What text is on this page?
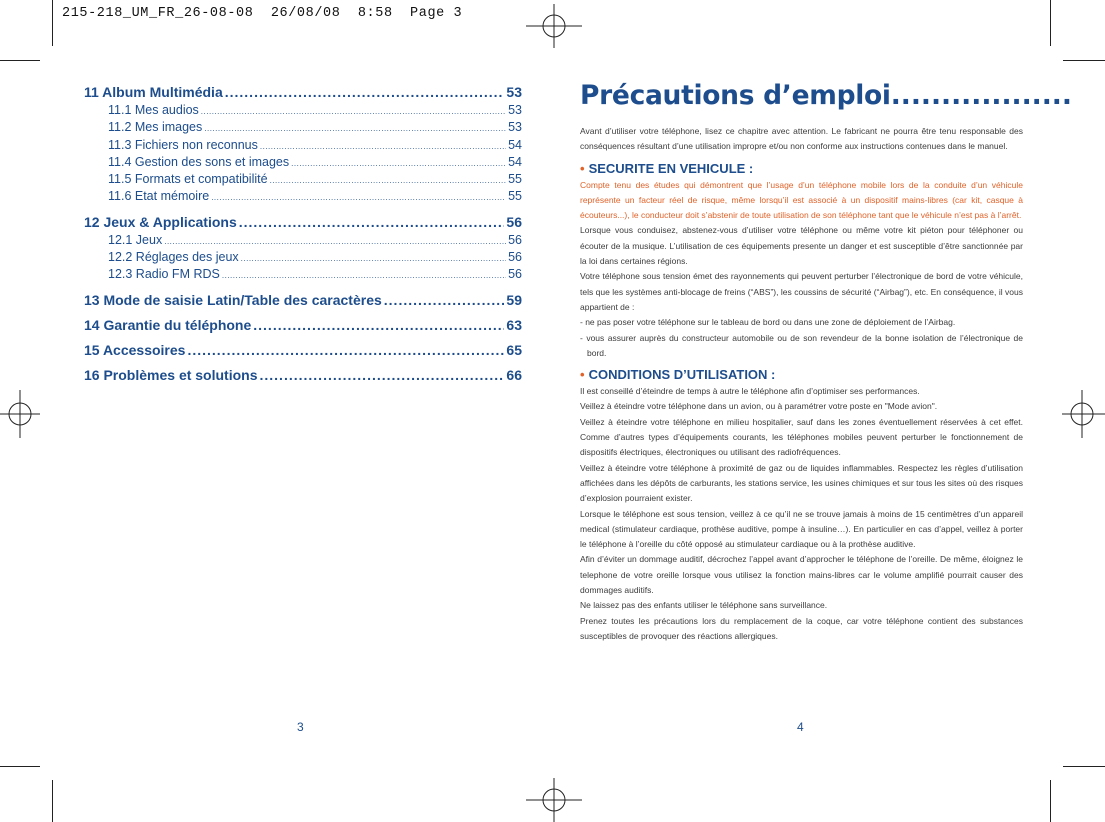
215-218_UM_FR_26-08-08  26/08/08  8:58  Page 3
11 Album Multimédia .....	53
11.1 Mes audios .....	53
11.2 Mes images .....	53
11.3 Fichiers non reconnus .....	54
11.4 Gestion des sons et images .....	54
11.5 Formats et compatibilité .....	55
11.6 Etat mémoire .....	55
12 Jeux & Applications .....	56
12.1 Jeux .....	56
12.2 Réglages des jeux .....	56
12.3 Radio FM RDS .....	56
13 Mode de saisie Latin/Table des caractères .....	59
14 Garantie du téléphone .....	63
15 Accessoires .....	65
16 Problèmes et solutions .....	66
Précautions d’emploi..................

Avant d’utiliser votre téléphone, lisez ce chapitre avec attention. Le fabricant ne pourra être tenu responsable des conséquences résultant d’une utilisation impropre et/ou non conforme aux instructions contenues dans le manuel.

• SECURITE EN VEHICULE :

Compte tenu des études qui démontrent que l’usage d’un téléphone mobile lors de la conduite d’un véhicule représente un facteur réel de risque, même lorsqu’il est associé à un dispositif mains-libres (car kit, casque à écouteurs...), le conducteur doit s’abstenir de toute utilisation de son téléphone tant que le véhicule n’est pas à l’arrêt.

Lorsque vous conduisez, abstenez-vous d’utiliser votre téléphone ou même votre kit piéton pour téléphoner ou écouter de la musique. L’utilisation de ces équipements presente un danger et est susceptible d’être sanctionnée par la loi dans certaines régions.

Votre téléphone sous tension émet des rayonnements qui peuvent perturber l’électronique de bord de votre véhicule, tels que les systèmes anti-blocage de freins (“ABS”), les coussins de sécurité (“Airbag”), etc. En conséquence, il vous appartient de :

- ne pas poser votre téléphone sur le tableau de bord ou dans une zone de déploiement de l’Airbag.

- vous assurer auprès du constructeur automobile ou de son revendeur de la bonne isolation de l’électronique de bord.

• CONDITIONS D’UTILISATION :

Il est conseillé d’éteindre de temps à autre le téléphone afin d’optimiser ses performances.

Veillez à éteindre votre téléphone dans un avion, ou à paramétrer votre poste en "Mode avion".

Veillez à éteindre votre téléphone en milieu hospitalier, sauf dans les zones éventuellement réservées à cet effet. Comme d’autres types d’équipements courants, les téléphones mobiles peuvent perturber le fonctionnement de dispositifs électriques, électroniques ou utilisant des radiofréquences.

Veillez à éteindre votre téléphone à proximité de gaz ou de liquides inflammables. Respectez les règles d’utilisation affichées dans les dépôts de carburants, les stations service, les usines chimiques et sur tous les sites où des risques d’explosion pourraient exister.

Lorsque le téléphone est sous tension, veillez à ce qu’il ne se trouve jamais à moins de 15 centimètres d’un appareil medical (stimulateur cardiaque, prothèse auditive, pompe à insuline…). En particulier en cas d’appel, veillez à porter le téléphone à l’oreille du côté opposé au stimulateur cardiaque ou à la prothèse auditive.

Afin d’éviter un dommage auditif, décrochez l’appel avant d’approcher le téléphone de l’oreille. De même, éloignez le telephone de votre oreille lorsque vous utilisez la fonction mains-libres car le volume amplifié pourrait causer des dommages auditifs.

Ne laissez pas des enfants utiliser le téléphone sans surveillance.

Prenez toutes les précautions lors du remplacement de la coque, car votre téléphone contient des substances susceptibles de provoquer des réactions allergiques.

3	4
